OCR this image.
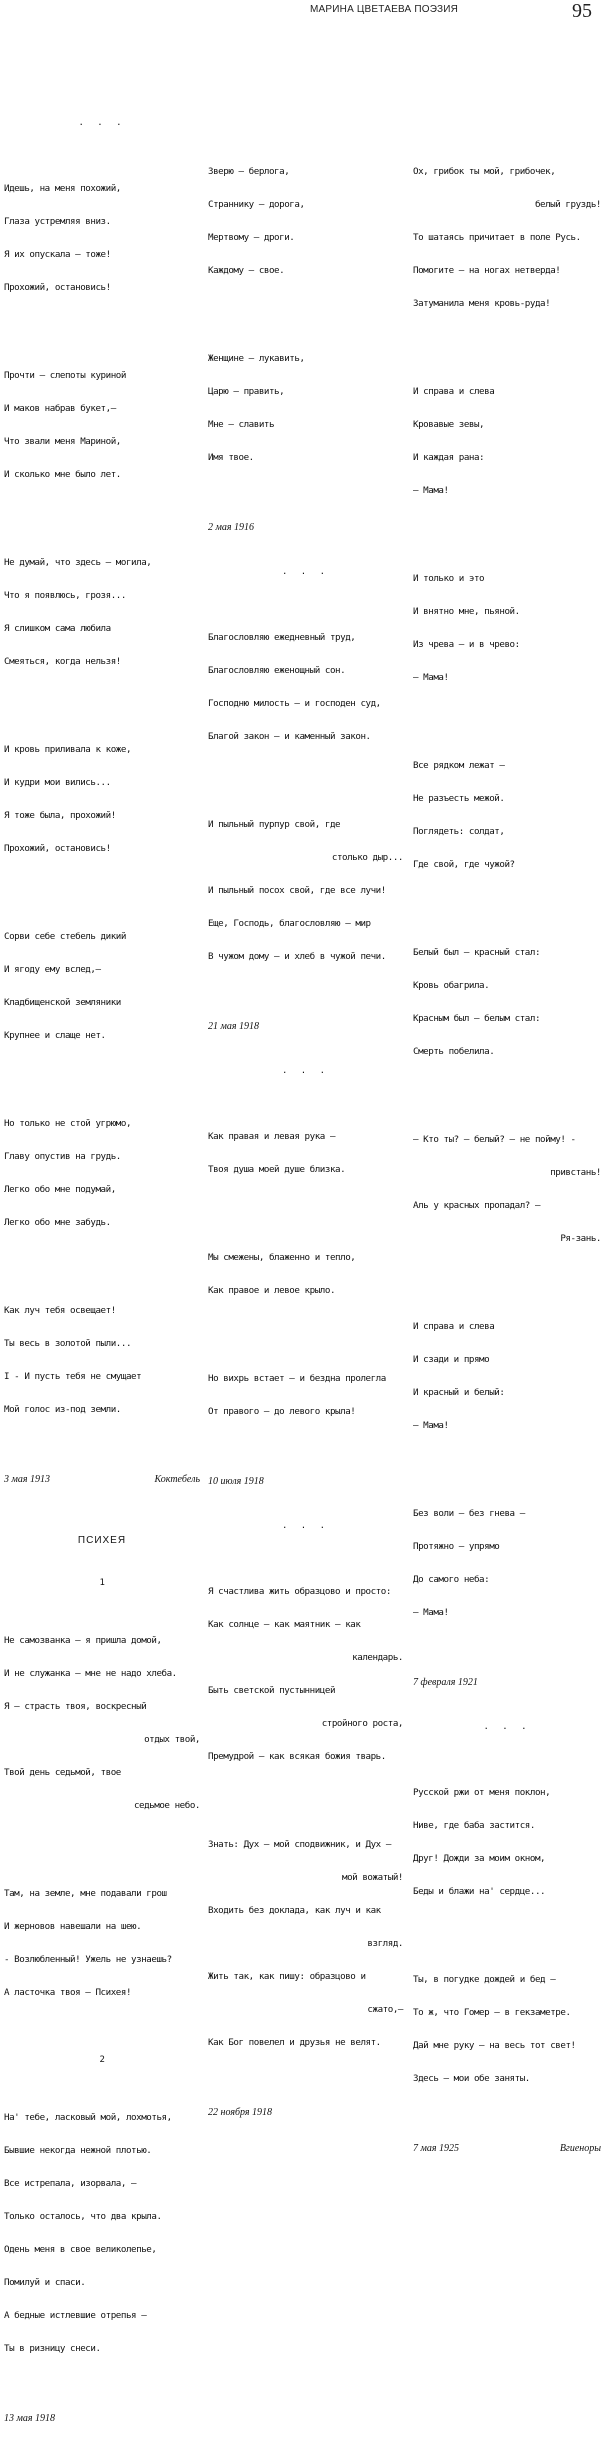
МАРИНА ЦВЕТАЕВА ПОЭЗИЯ	95

. . .

Идешь, на меня похожий,

Глаза устремляя вниз.

Я их опускала — тоже!

Прохожий, остановись!

Прочти — слепоты куриной

И маков набрав букет,—

Что звали меня Мариной,

И сколько мне было лет.

Не думай, что здесь — могила,

Что я появлюсь, грозя...

Я слишком сама любила

Смеяться, когда нельзя!

И кровь приливала к коже,

И кудри мои вились...

Я тоже была, прохожий!

Прохожий, остановись!

Сорви себе стебель дикий

И ягоду ему вслед,—

Кладбищенской земляники

Крупнее и слаще нет.

Но только не стой угрюмо,

Главу опустив на грудь.

Легко обо мне подумай,

Легко обо мне забудь.

Как луч тебя освещает!

Ты весь в золотой пыли...

I - И пусть тебя не смущает

Мой голос из-под земли.

3 мая 1913	Коктебель

ПСИХЕЯ

1

Не самозванка — я пришла домой,

И не служанка — мне не надо хлеба.

Я — страсть твоя, воскресный

отдых твой,

Твой день седьмой, твое

седьмое небо.

Там, на земле, мне подавали грош

И жерновов навешали на шею.

- Возлюбленный! Ужель не узнаешь?

А ласточка твоя — Психея!

2

На' тебе, ласковый мой, лохмотья,

Бывшие некогда нежной плотью.

Все истрепала, изорвала, —

Только осталось, что два крыла.

Одень меня в свое великолепье,

Помилуй и спаси.

А бедные истлевшие отрепья —

Ты в ризницу снеси.

13 мая 1918

Зверю — берлога,

Страннику — дорога,

Мертвому — дроги.

Каждому — свое.

Женщине — лукавить,

Царю — править,

Мне — славить

Имя твое.

2 мая 1916

. . .

Благословляю ежедневный труд,

Благословляю еженощный сон.

Господню милость — и господен суд,

Благой закон — и каменный закон.

И пыльный пурпур свой, где

столько дыр...

И пыльный посох свой, где все лучи!

Еще, Господь, благословляю — мир

В чужом дому — и хлеб в чужой печи.

21 мая 1918

. . .

Как правая и левая рука —

Твоя душа моей душе близка.

Мы смежены, блаженно и тепло,

Как правое и левое крыло.

Но вихрь встает — и бездна пролегла

От правого — до левого крыла!

10 июля 1918

. . .

Я счастлива жить образцово и просто:

Как солнце — как маятник — как

календарь.

Быть светской пустынницей

стройного роста,

Премудрой — как всякая божия тварь.

Знать: Дух — мой сподвижник, и Дух —

мой вожатый!

Входить без доклада, как луч и как

взгляд.

Жить так, как пишу: образцово и

сжато,—

Как Бог повелел и друзья не велят.

22 ноября 1918

Ох, грибок ты мой, грибочек,

белый груздь!

То шатаясь причитает в поле Русь.

Помогите — на ногах нетверда!

Затуманила меня кровь-руда!

И справа и слева

Кровавые зевы,

И каждая рана:

— Мама!

И только и это

И внятно мне, пьяной.

Из чрева — и в чрево:

— Мама!

Все рядком лежат —

Не разъесть межой.

Поглядеть: солдат,

Где свой, где чужой?

Белый был — красный стал:

Кровь обагрила.

Красным был — белым стал:

Смерть побелила.

— Кто ты? — белый? — не пойму! -

привстань!

Аль у красных пропадал? —

Ря-зань.

И справа и слева

И сзади и прямо

И красный и белый:

— Мама!

Без воли — без гнева —

Протяжно — упрямо

До самого неба:

— Мама!

7 февраля 1921

. . .

Русской ржи от меня поклон,

Ниве, где баба застится.

Друг! Дожди за моим окном,

Беды и блажи на' сердце...

Ты, в погудке дождей и бед —

То ж, что Гомер — в гекзаметре.

Дай мне руку — на весь тот свет!

Здесь — мои обе заняты.

7 мая 1925	Вгиеноры
